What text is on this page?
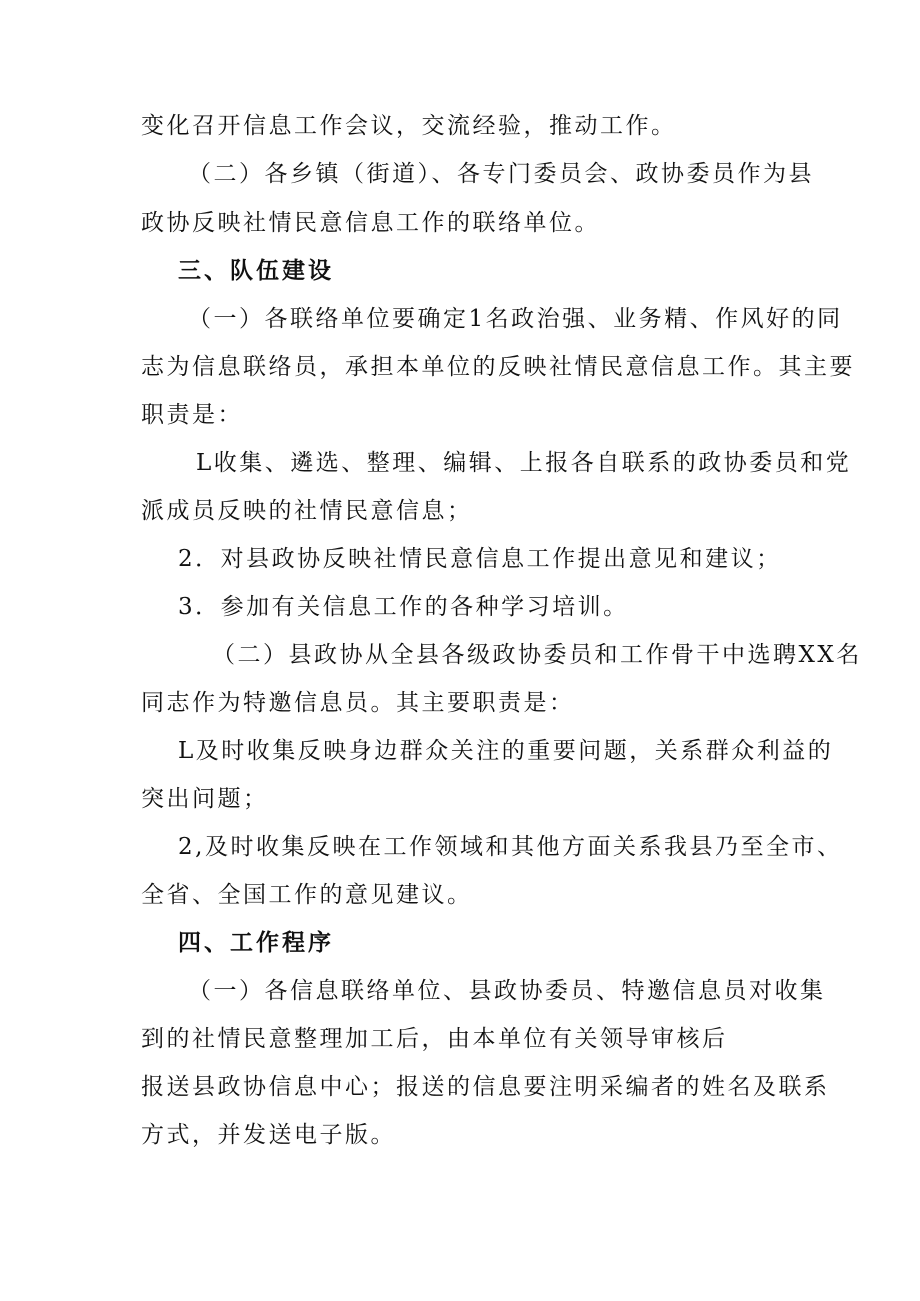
变化召开信息工作会议，交流经验，推动工作。

（二）各乡镇（街道）、各专门委员会、政协委员作为县

政协反映社情民意信息工作的联络单位。

三、队伍建设

（一）各联络单位要确定1名政治强、业务精、作风好的同

志为信息联络员，承担本单位的反映社情民意信息工作。其主要

职责是：

L收集、遴选、整理、编辑、上报各自联系的政协委员和党

派成员反映的社情民意信息；

2．对县政协反映社情民意信息工作提出意见和建议；

3．参加有关信息工作的各种学习培训。

（二）县政协从全县各级政协委员和工作骨干中选聘XX名

同志作为特邀信息员。其主要职责是：

L及时收集反映身边群众关注的重要问题，关系群众利益的

突出问题；

2,及时收集反映在工作领域和其他方面关系我县乃至全市、

全省、全国工作的意见建议。

四、工作程序

（一）各信息联络单位、县政协委员、特邀信息员对收集

到的社情民意整理加工后，由本单位有关领导审核后

报送县政协信息中心；报送的信息要注明采编者的姓名及联系

方式，并发送电子版。
